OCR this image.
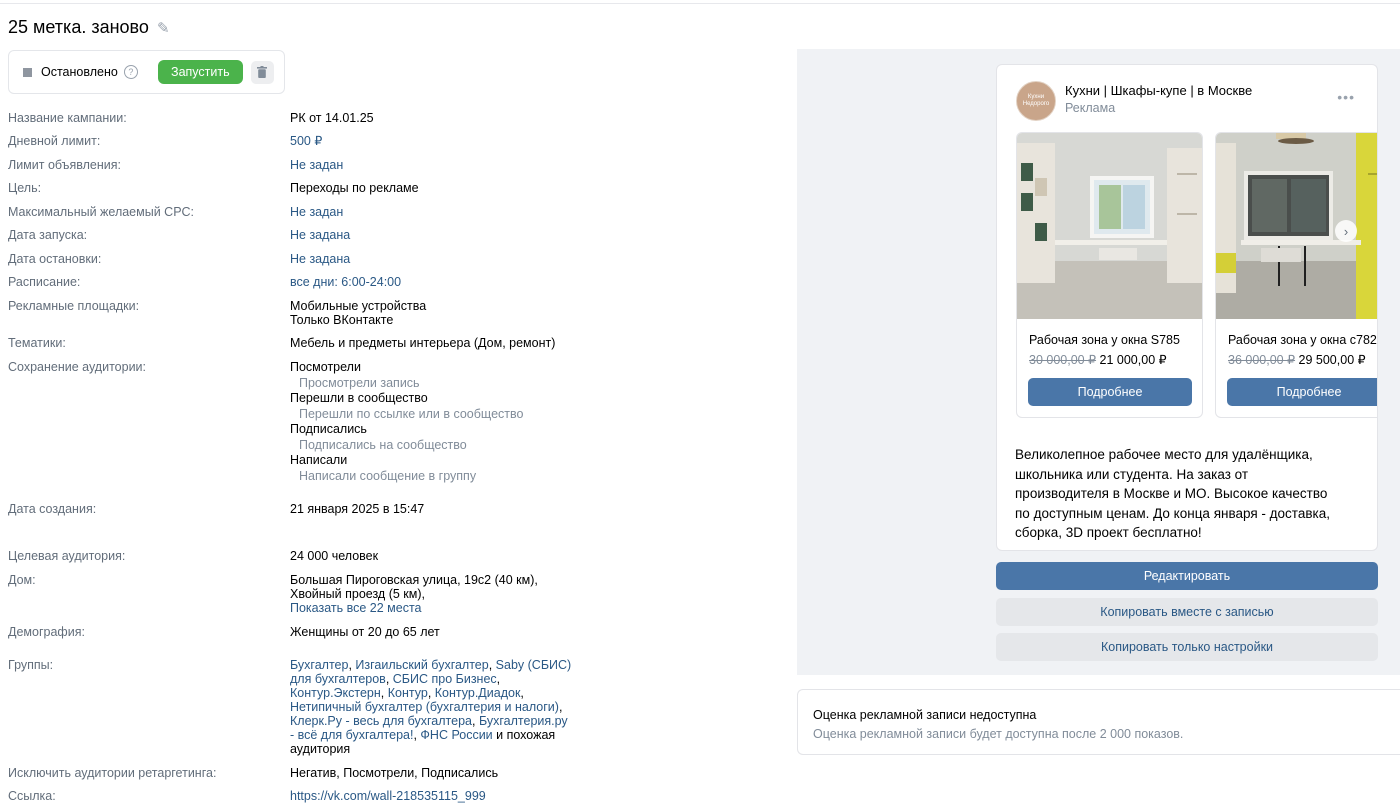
25 метка. заново ✎
Остановлено	?	Запустить
Название кампании:	РК от 14.01.25
Дневной лимит:	500 ₽
Лимит объявления:	Не задан
Цель:	Переходы по рекламе
Максимальный желаемый CPC:	Не задан
Дата запуска:	Не задана
Дата остановки:	Не задана
Расписание:	все дни: 6:00-24:00
Рекламные площадки:	Мобильные устройства
Только ВКонтакте
Тематики:	Мебель и предметы интерьера (Дом, ремонт)
Сохранение аудитории:	Посмотрели
Просмотрели запись
Перешли в сообщество
Перешли по ссылке или в сообщество
Подписались
Подписались на сообщество
Написали
Написали сообщение в группу
Дата создания:	21 января 2025 в 15:47
Целевая аудитория:	24 000 человек
Дом:	Большая Пироговская улица, 19с2 (40 км),
Хвойный проезд (5 км),
Показать все 22 места
Демография:	Женщины от 20 до 65 лет
Группы:	Бухгалтер, Изгаильский бухгалтер, Saby (СБИС) для бухгалтеров, СБИС про Бизнес, Контур.Экстерн, Контур, Контур.Диадок, Нетипичный бухгалтер (бухгалтерия и налоги), Клерк.Ру - весь для бухгалтера, Бухгалтерия.ру - всё для бухгалтера!, ФНС России и похожая аудитория
Исключить аудитории ретаргетинга:	Негатив, Посмотрели, Подписались
Ссылка:	https://vk.com/wall-218535115_999
Кухни Недорого
Кухни | Шкафы-купе | в Москве
Реклама
•••
Рабочая зона у окна S785
30 000,00 ₽ 21 000,00 ₽
Подробнее
Рабочая зона у окна с782
36 000,00 ₽ 29 500,00 ₽
Подробнее
›
Великолепное рабочее место для удалёнщика, школьника или студента. На заказ от производителя в Москве и МО. Высокое качество по доступным ценам. До конца января - доставка, сборка, 3D проект бесплатно!
Редактировать
Копировать вместе с записью
Копировать только настройки
Оценка рекламной записи недоступна
Оценка рекламной записи будет доступна после 2 000 показов.
